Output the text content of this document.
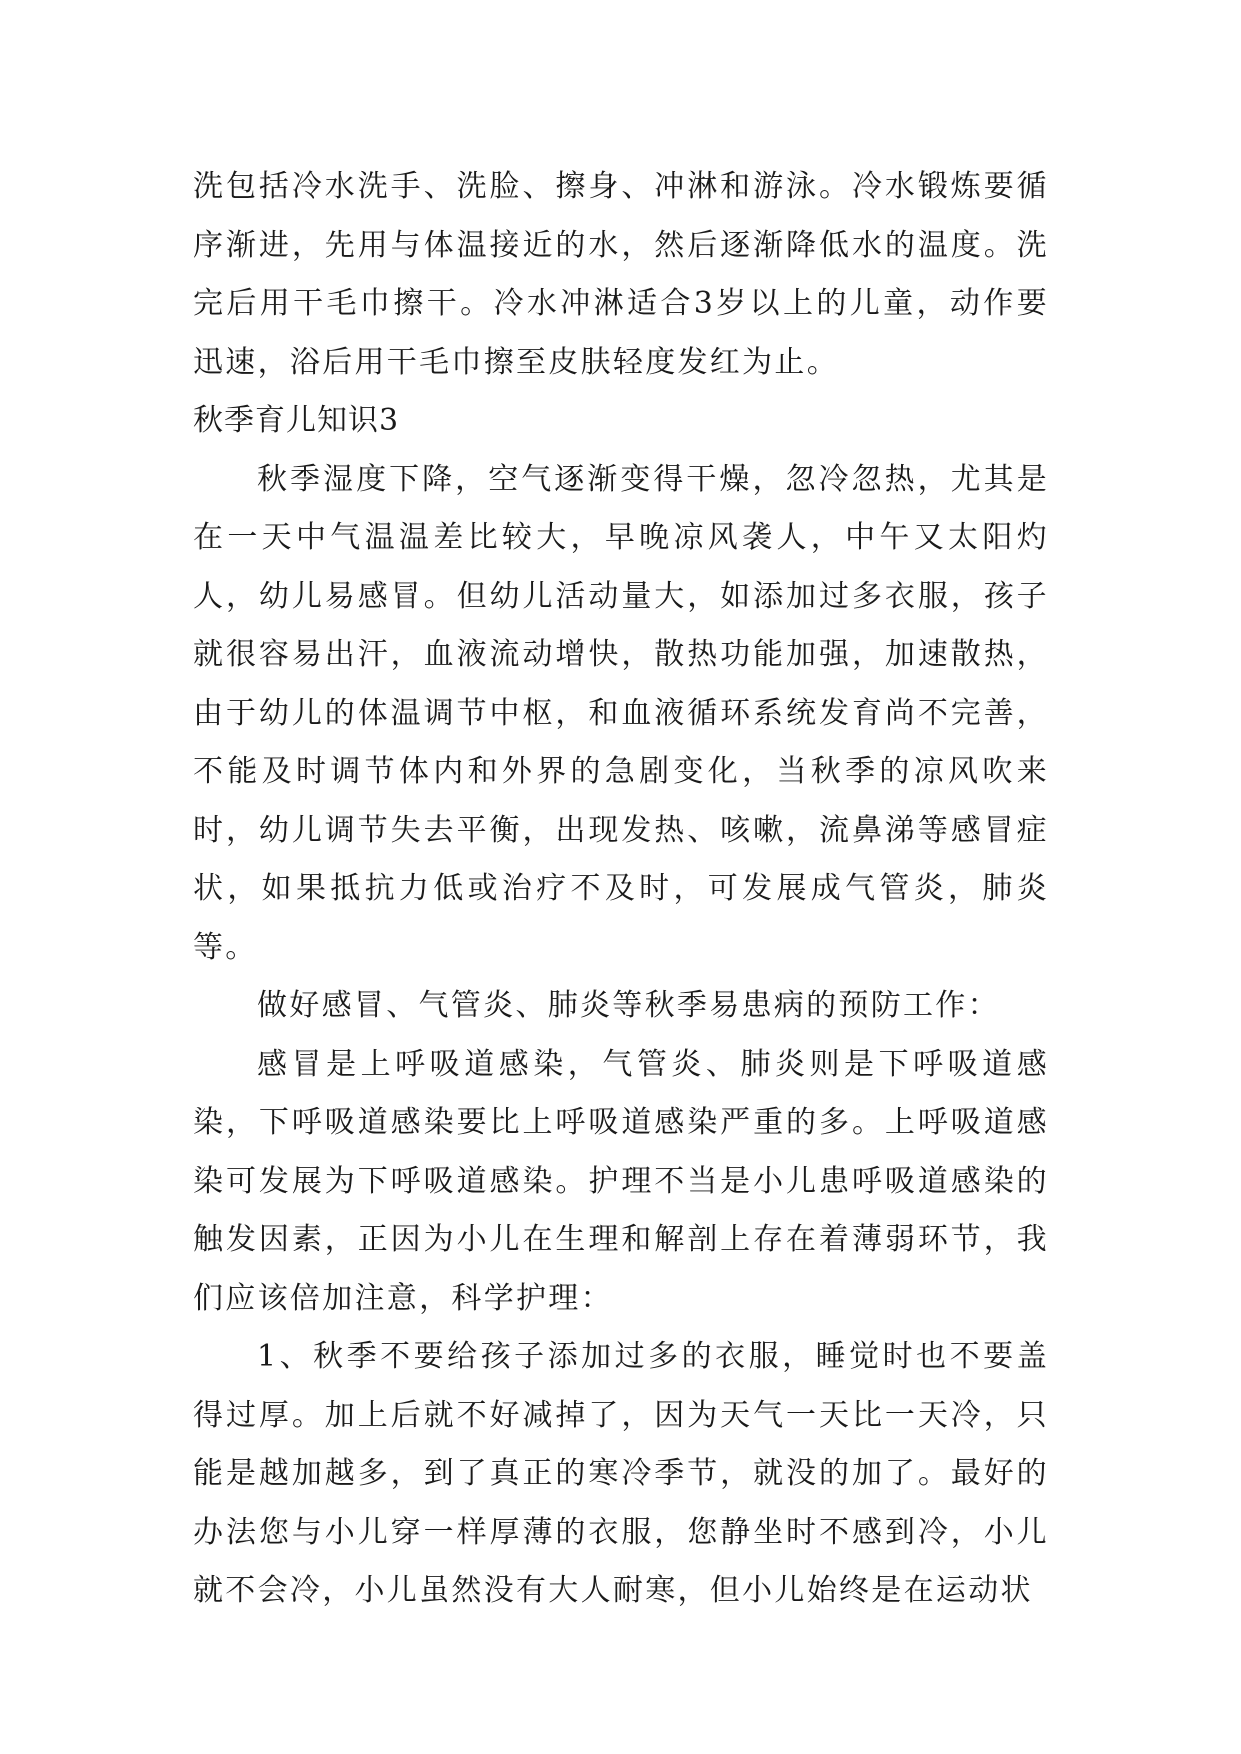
洗包括冷水洗手、洗脸、擦身、冲淋和游泳。冷水锻炼要循序渐进，先用与体温接近的水，然后逐渐降低水的温度。洗完后用干毛巾擦干。冷水冲淋适合3岁以上的儿童，动作要迅速，浴后用干毛巾擦至皮肤轻度发红为止。

秋季育儿知识3

秋季湿度下降，空气逐渐变得干燥，忽冷忽热，尤其是在一天中气温温差比较大，早晚凉风袭人，中午又太阳灼人，幼儿易感冒。但幼儿活动量大，如添加过多衣服，孩子就很容易出汗，血液流动增快，散热功能加强，加速散热，由于幼儿的体温调节中枢，和血液循环系统发育尚不完善，不能及时调节体内和外界的急剧变化，当秋季的凉风吹来时，幼儿调节失去平衡，出现发热、咳嗽，流鼻涕等感冒症状，如果抵抗力低或治疗不及时，可发展成气管炎，肺炎等。

做好感冒、气管炎、肺炎等秋季易患病的预防工作：

感冒是上呼吸道感染，气管炎、肺炎则是下呼吸道感染，下呼吸道感染要比上呼吸道感染严重的多。上呼吸道感染可发展为下呼吸道感染。护理不当是小儿患呼吸道感染的触发因素，正因为小儿在生理和解剖上存在着薄弱环节，我们应该倍加注意，科学护理：

1、秋季不要给孩子添加过多的衣服，睡觉时也不要盖得过厚。加上后就不好减掉了，因为天气一天比一天冷，只能是越加越多，到了真正的寒冷季节，就没的加了。最好的办法您与小儿穿一样厚薄的衣服，您静坐时不感到冷，小儿就不会冷，小儿虽然没有大人耐寒，但小儿始终是在运动状
